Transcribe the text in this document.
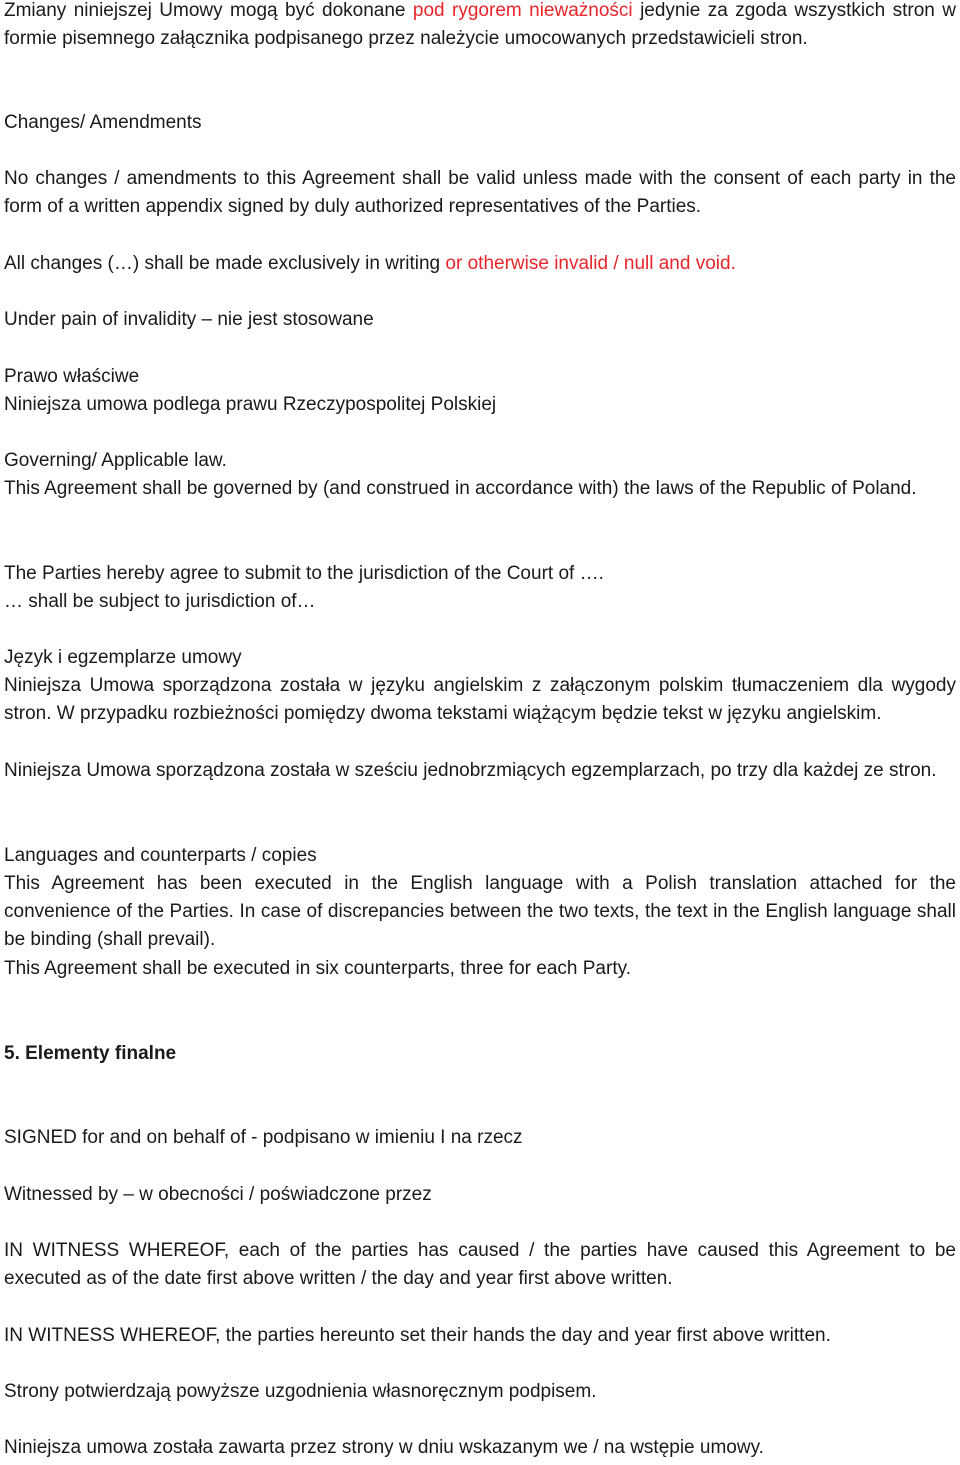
Zmiany niniejszej Umowy mogą być dokonane pod rygorem nieważności jedynie za zgoda wszystkich stron w formie pisemnego załącznika podpisanego przez należycie umocowanych przedstawicieli stron.

Changes/ Amendments

No changes / amendments to this Agreement shall be valid unless made with the consent of each party in the form of a written appendix signed by duly authorized representatives of the Parties.

All changes (…) shall be made exclusively in writing or otherwise invalid / null and void.

Under pain of invalidity – nie jest stosowane

Prawo właściwe

Niniejsza umowa podlega prawu Rzeczypospolitej Polskiej

Governing/ Applicable law.

This Agreement shall be governed by (and construed in accordance with) the laws of the Republic of Poland.

The Parties hereby agree to submit to the jurisdiction of the Court of ….

… shall be subject to jurisdiction of…

Język i egzemplarze umowy

Niniejsza Umowa sporządzona została w języku angielskim z załączonym polskim tłumaczeniem dla wygody stron. W przypadku rozbieżności pomiędzy dwoma tekstami wiążącym będzie tekst w języku angielskim.

Niniejsza Umowa sporządzona została w sześciu jednobrzmiących egzemplarzach, po trzy dla każdej ze stron.

Languages and counterparts / copies

This Agreement has been executed in the English language with a Polish translation attached for the convenience of the Parties. In case of discrepancies between the two texts, the text in the English language shall be binding (shall prevail).

This Agreement shall be executed in six counterparts, three for each Party.

5. Elementy finalne

SIGNED for and on behalf of - podpisano w imieniu I na rzecz

Witnessed by – w obecności / poświadczone przez

IN WITNESS WHEREOF, each of the parties has caused / the parties have caused this Agreement to be executed as of the date first above written / the day and year first above written.

IN WITNESS WHEREOF, the parties hereunto set their hands the day and year first above written.

Strony potwierdzają powyższe uzgodnienia własnoręcznym podpisem.

Niniejsza umowa została zawarta przez strony w dniu wskazanym we / na wstępie umowy.
